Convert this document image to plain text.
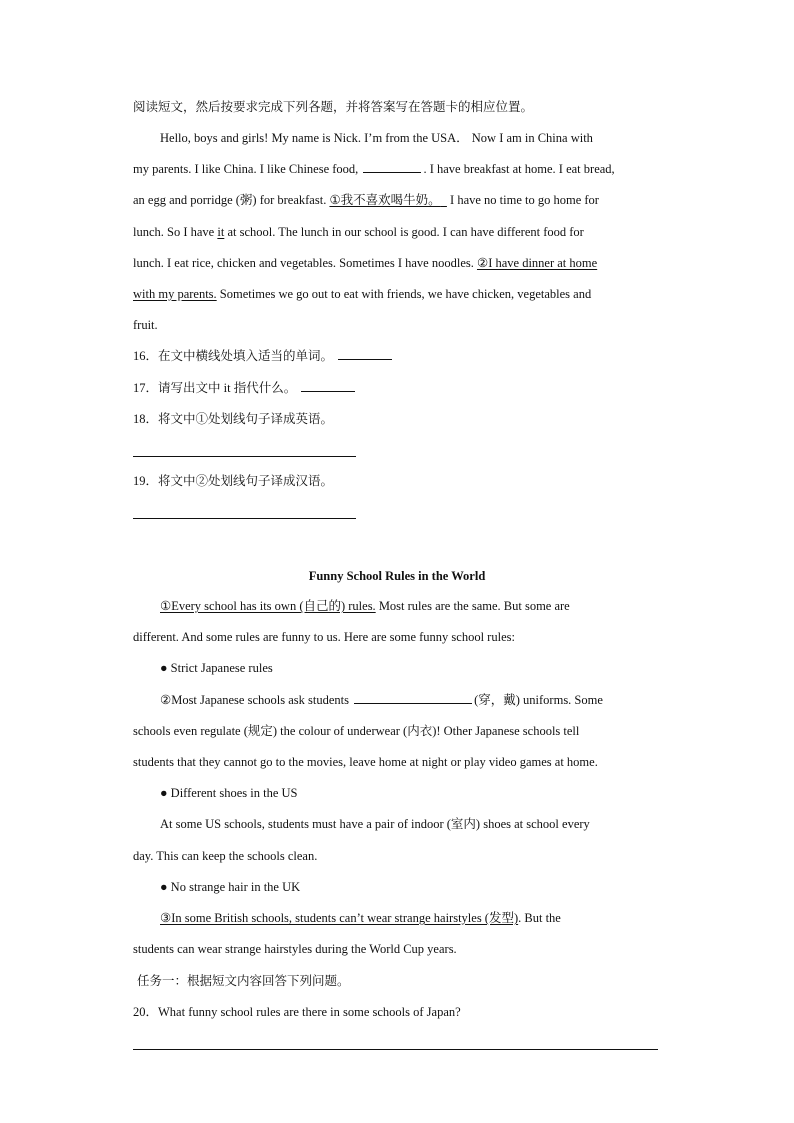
阅读短文，然后按要求完成下列各题，并将答案写在答题卡的相应位置。
Hello, boys and girls! My name is Nick. I’m from the USA． Now I am in China with
my parents. I like China. I like Chinese food,	. I have breakfast at home. I eat bread,
an egg and porridge (粥) for breakfast. ①我不喜欢喝牛奶。   I have no time to go home for
lunch. So I have it at school. The lunch in our school is good. I can have different food for
lunch. I eat rice, chicken and vegetables. Sometimes I have noodles. ②I have dinner at home
with my parents. Sometimes we go out to eat with friends, we have chicken, vegetables and
fruit.
16．在文中横线处填入适当的单词。
17．请写出文中 it 指代什么。
18．将文中①处划线句子译成英语。
19．将文中②处划线句子译成汉语。
Funny School Rules in the World
①Every school has its own (自己的) rules. Most rules are the same. But some are
different. And some rules are funny to us. Here are some funny school rules:
● Strict Japanese rules
②Most Japanese schools ask students	(穿，戴) uniforms. Some
schools even regulate (规定) the colour of underwear (内衣)! Other Japanese schools tell
students that they cannot go to the movies, leave home at night or play video games at home.
● Different shoes in the US
At some US schools, students must have a pair of indoor (室内) shoes at school every
day. This can keep the schools clean.
● No strange hair in the UK
③In some British schools, students can’t wear strange hairstyles (发型). But the
students can wear strange hairstyles during the World Cup years.
任务一：根据短文内容回答下列问题。
20．What funny school rules are there in some schools of Japan?
